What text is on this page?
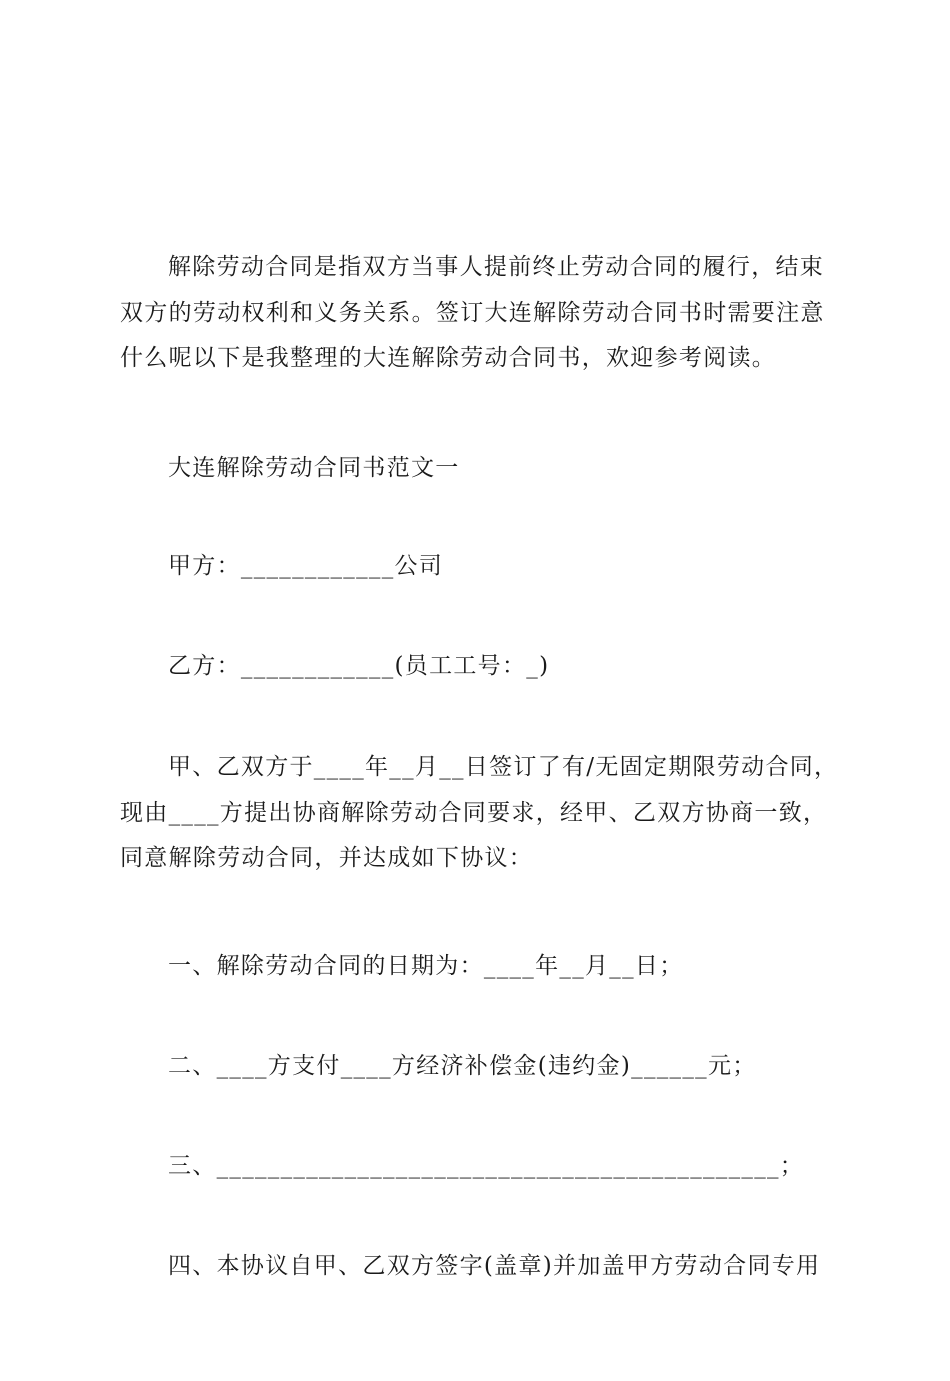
解除劳动合同是指双方当事人提前终止劳动合同的履行，结束
双方的劳动权利和义务关系。签订大连解除劳动合同书时需要注意
什么呢以下是我整理的大连解除劳动合同书，欢迎参考阅读。

大连解除劳动合同书范文一

甲方：____________公司

乙方：____________(员工工号：_)

甲、乙双方于____年__月__日签订了有/无固定期限劳动合同，
现由____方提出协商解除劳动合同要求，经甲、乙双方协商一致，
同意解除劳动合同，并达成如下协议：

一、解除劳动合同的日期为：____年__月__日；

二、____方支付____方经济补偿金(违约金)______元；

三、____________________________________________；

四、本协议自甲、乙双方签字(盖章)并加盖甲方劳动合同专用
